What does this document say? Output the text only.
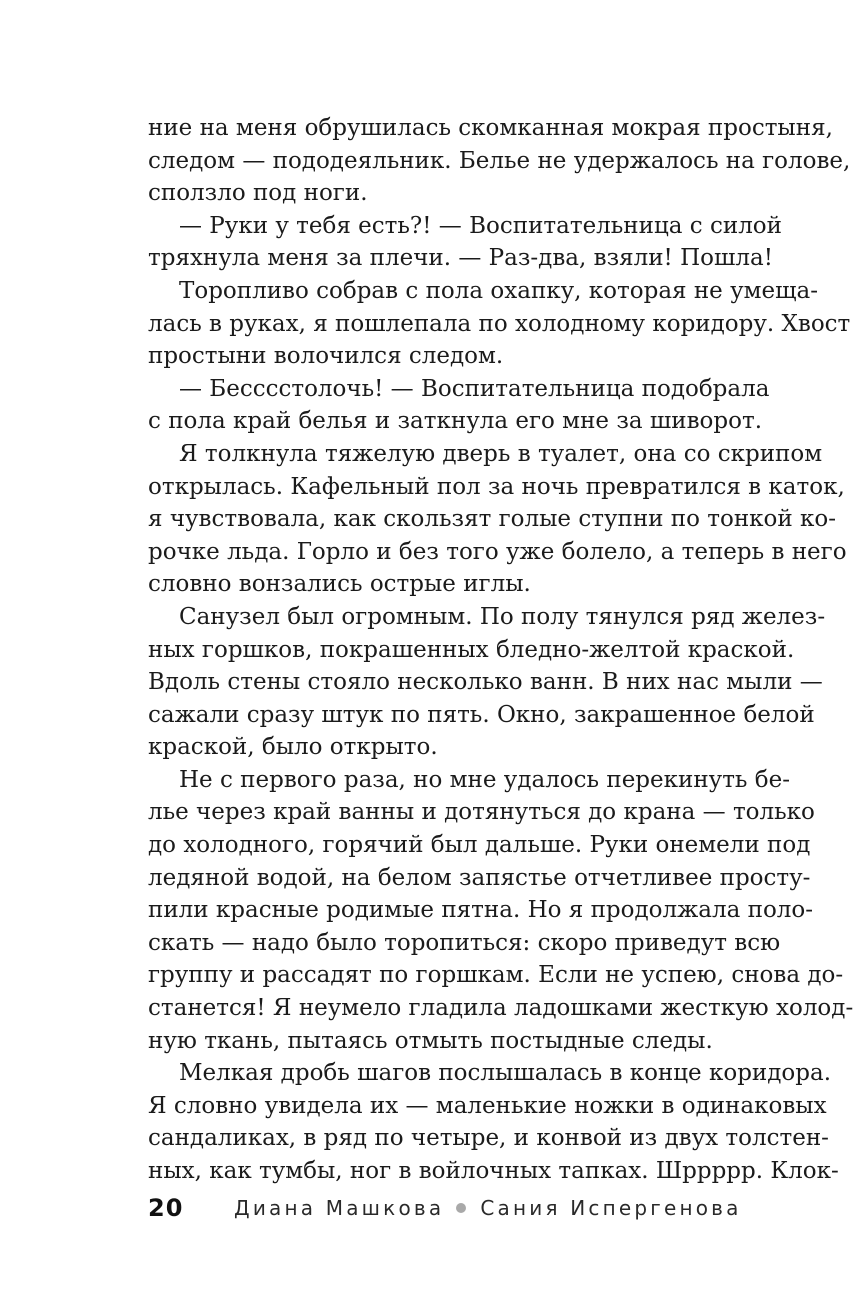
ние на меня обрушилась скомканная мокрая простыня,
следом — пододеяльник. Белье не удержалось на голове,
сползло под ноги.
— Руки у тебя есть?! — Воспитательница с силой
тряхнула меня за плечи. — Раз-два, взяли! Пошла!
Торопливо собрав с пола охапку, которая не умеща-
лась в руках, я пошлепала по холодному коридору. Хвост
простыни волочился следом.
— Бесссстолочь! — Воспитательница подобрала
с пола край белья и заткнула его мне за шиворот.
Я толкнула тяжелую дверь в туалет, она со скрипом
открылась. Кафельный пол за ночь превратился в каток,
я чувствовала, как скользят голые ступни по тонкой ко-
рочке льда. Горло и без того уже болело, а теперь в него
словно вонзались острые иглы.
Санузел был огромным. По полу тянулся ряд желез-
ных горшков, покрашенных бледно-желтой краской.
Вдоль стены стояло несколько ванн. В них нас мыли —
сажали сразу штук по пять. Окно, закрашенное белой
краской, было открыто.
Не с первого раза, но мне удалось перекинуть бе-
лье через край ванны и дотянуться до крана — только
до холодного, горячий был дальше. Руки онемели под
ледяной водой, на белом запястье отчетливее просту-
пили красные родимые пятна. Но я продолжала поло-
скать — надо было торопиться: скоро приведут всю
группу и рассадят по горшкам. Если не успею, снова до-
станется! Я неумело гладила ладошками жесткую холод-
ную ткань, пытаясь отмыть постыдные следы.
Мелкая дробь шагов послышалась в конце коридора.
Я словно увидела их — маленькие ножки в одинаковых
сандаликах, в ряд по четыре, и конвой из двух толстен-
ных, как тумбы, ног в войлочных тапках. Шррррр. Клок-
20	Диана Машкова Сания Испергенова
